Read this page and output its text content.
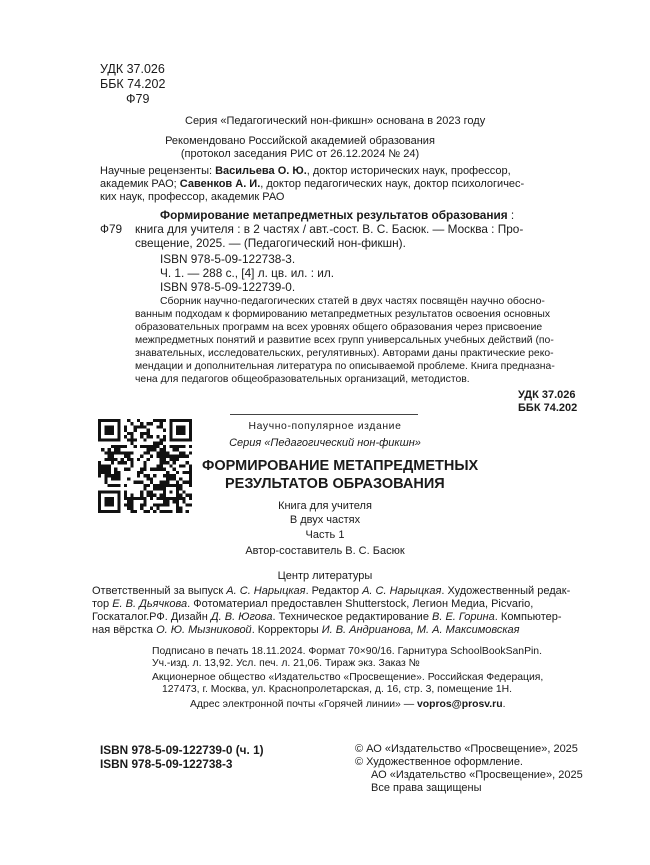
УДК 37.026
ББК 74.202
Ф79
Серия «Педагогический нон-фикшн» основана в 2023 году
Рекомендовано Российской академией образования
(протокол заседания РИС от 26.12.2024 № 24)
Научные рецензенты: Васильева О. Ю., доктор исторических наук, профессор,
академик РАО; Савенков А. И., доктор педагогических наук, доктор психологичес-
ких наук, профессор, академик РАО
Формирование метапредметных результатов образования :
Ф79 книга для учителя : в 2 частях / авт.-сост. В. С. Басюк. — Москва : Про-
свещение, 2025. — (Педагогический нон-фикшн).
ISBN 978-5-09-122738-3.
Ч. 1. — 288 с., [4] л. цв. ил. : ил.
ISBN 978-5-09-122739-0.
Сборник научно-педагогических статей в двух частях посвящён научно обосно-
ванным подходам к формированию метапредметных результатов освоения основных
образовательных программ на всех уровнях общего образования через присвоение
межпредметных понятий и развитие всех групп универсальных учебных действий (по-
знавательных, исследовательских, регулятивных). Авторами даны практические реко-
мендации и дополнительная литература по описываемой проблеме. Книга предназна-
чена для педагогов общеобразовательных организаций, методистов.
УДК 37.026
ББК 74.202
Научно-популярное издание
Серия «Педагогический нон-фикшн»
ФОРМИРОВАНИЕ МЕТАПРЕДМЕТНЫХ
РЕЗУЛЬТАТОВ ОБРАЗОВАНИЯ
Книга для учителя
В двух частях
Часть 1
Автор-составитель В. С. Басюк
Центр литературы
Ответственный за выпуск А. С. Нарыцкая. Редактор А. С. Нарыцкая. Художественный редак-
тор Е. В. Дьячкова. Фотоматериал предоставлен Shutterstock, Легион Медиа, Picvario,
Госкаталог.РФ. Дизайн Д. В. Югова. Техническое редактирование В. Е. Горина. Компьютер-
ная вёрстка О. Ю. Мызниковой. Корректоры И. В. Андрианова, М. А. Максимовская
Подписано в печать 18.11.2024. Формат 70×90/16. Гарнитура SchoolBookSanPin.
Уч.-изд. л. 13,92. Усл. печ. л. 21,06. Тираж экз. Заказ №
Акционерное общество «Издательство «Просвещение». Российская Федерация,
127473, г. Москва, ул. Краснопролетарская, д. 16, стр. 3, помещение 1Н.
Адрес электронной почты «Горячей линии» — vopros@prosv.ru.
ISBN 978-5-09-122739-0 (ч. 1)
ISBN 978-5-09-122738-3
© АО «Издательство «Просвещение», 2025
© Художественное оформление.
АО «Издательство «Просвещение», 2025
Все права защищены
